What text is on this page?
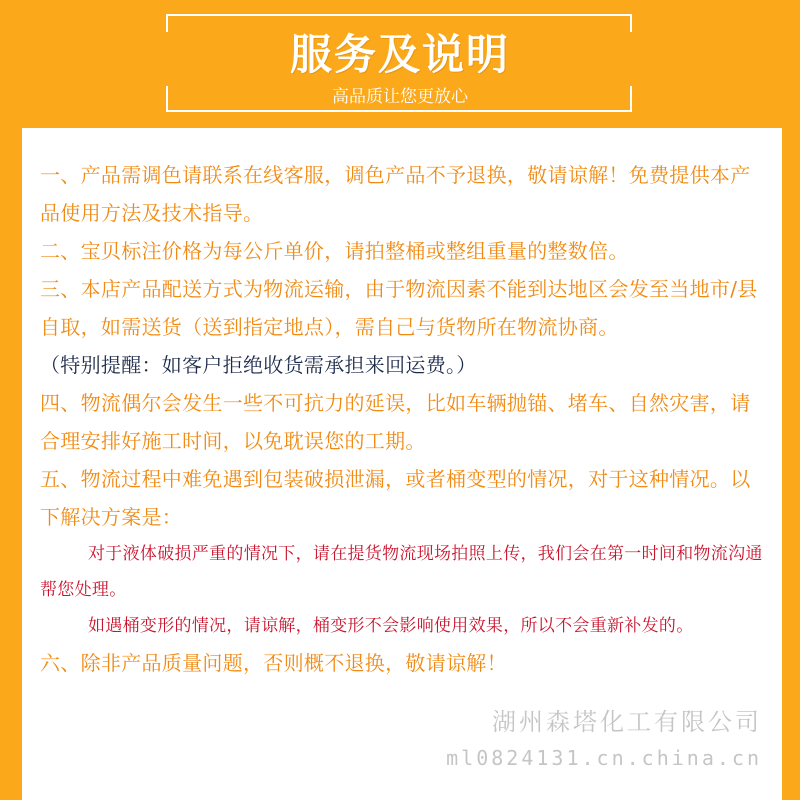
服务及说明
高品质让您更放心

一、产品需调色请联系在线客服，调色产品不予退换，敬请谅解！免费提供本产品使用方法及技术指导。

二、宝贝标注价格为每公斤单价，请拍整桶或整组重量的整数倍。

三、本店产品配送方式为物流运输，由于物流因素不能到达地区会发至当地市/县自取，如需送货（送到指定地点），需自己与货物所在物流协商。

（特别提醒：如客户拒绝收货需承担来回运费。）

四、物流偶尔会发生一些不可抗力的延误，比如车辆抛锚、堵车、自然灾害，请合理安排好施工时间，以免耽误您的工期。

五、物流过程中难免遇到包装破损泄漏，或者桶变型的情况，对于这种情况。以下解决方案是：

对于液体破损严重的情况下，请在提货物流现场拍照上传，我们会在第一时间和物流沟通帮您处理。

如遇桶变形的情况，请谅解，桶变形不会影响使用效果，所以不会重新补发的。

六、除非产品质量问题，否则概不退换，敬请谅解！

湖州森塔化工有限公司
ml0824131.cn.china.cn
